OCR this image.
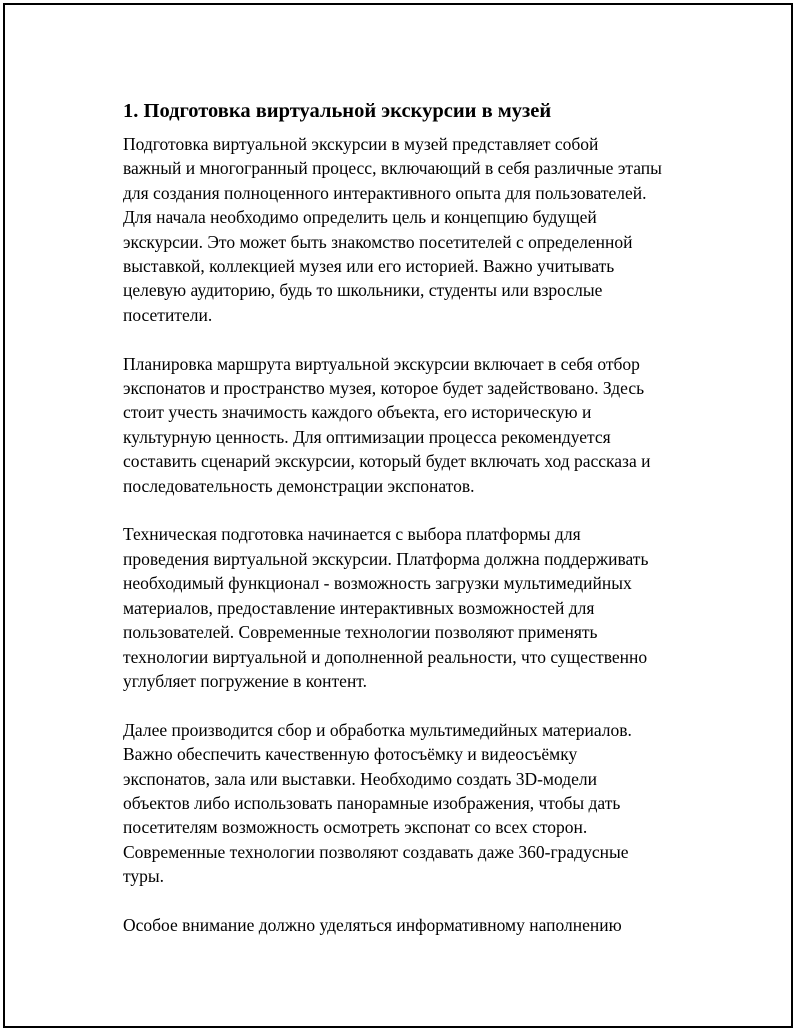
1. Подготовка виртуальной экскурсии в музей

Подготовка виртуальной экскурсии в музей представляет собой
важный и многогранный процесс, включающий в себя различные этапы
для создания полноценного интерактивного опыта для пользователей.
Для начала необходимо определить цель и концепцию будущей
экскурсии. Это может быть знакомство посетителей с определенной
выставкой, коллекцией музея или его историей. Важно учитывать
целевую аудиторию, будь то школьники, студенты или взрослые
посетители.

Планировка маршрута виртуальной экскурсии включает в себя отбор
экспонатов и пространство музея, которое будет задействовано. Здесь
стоит учесть значимость каждого объекта, его историческую и
культурную ценность. Для оптимизации процесса рекомендуется
составить сценарий экскурсии, который будет включать ход рассказа и
последовательность демонстрации экспонатов.

Техническая подготовка начинается с выбора платформы для
проведения виртуальной экскурсии. Платформа должна поддерживать
необходимый функционал - возможность загрузки мультимедийных
материалов, предоставление интерактивных возможностей для
пользователей. Современные технологии позволяют применять
технологии виртуальной и дополненной реальности, что существенно
углубляет погружение в контент.

Далее производится сбор и обработка мультимедийных материалов.
Важно обеспечить качественную фотосъёмку и видеосъёмку
экспонатов, зала или выставки. Необходимо создать 3D-модели
объектов либо использовать панорамные изображения, чтобы дать
посетителям возможность осмотреть экспонат со всех сторон.
Современные технологии позволяют создавать даже 360-градусные
туры.

Особое внимание должно уделяться информативному наполнению
